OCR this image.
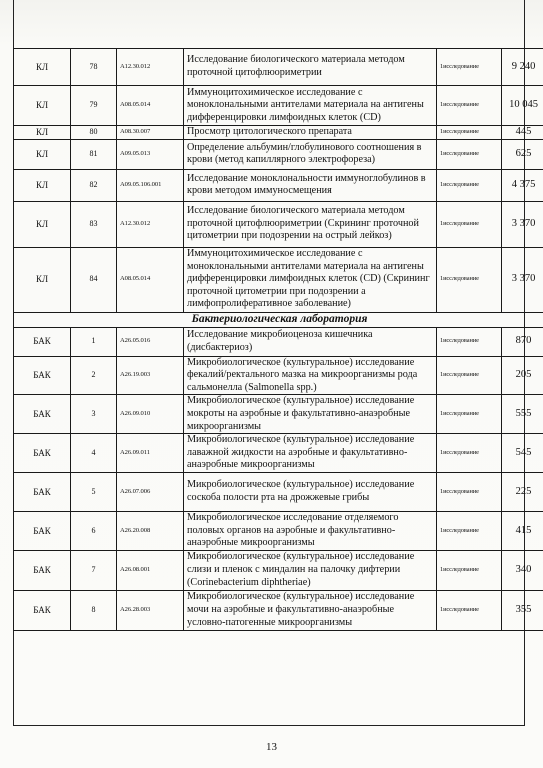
КЛ	78	A12.30.012	Исследование биологического материала методом проточной цитофлюориметрии	1исследование	9 240
КЛ	79	A08.05.014	Иммуноцитохимическое исследование с моноклональными антителами материала на антигены дифференцировки лимфоидных клеток (CD)	1исследование	10 045
КЛ	80	A08.30.007	Просмотр цитологического препарата	1исследование	445
КЛ	81	A09.05.013	Определение альбумин/глобулинового соотношения в крови (метод капиллярного электрофореза)	1исследование	625
КЛ	82	A09.05.106.001	Исследование моноклональности иммуноглобулинов в крови методом иммуносмещения	1исследование	4 375
КЛ	83	A12.30.012	Исследование биологического материала методом проточной цитофлюориметрии (Скрининг проточной цитометрии при подозрении на острый лейкоз)	1исследование	3 370
КЛ	84	A08.05.014	Иммуноцитохимическое исследование с моноклональными антителами материала на антигены дифференцировки лимфоидных клеток (CD) (Скрининг проточной цитометрии при подозрении а лимфопролиферативное заболевание)	1исследование	3 370
Бактериологическая лаборатория					
БАК	1	A26.05.016	Исследование микробиоценоза кишечника (дисбактериоз)	1исследование	870
БАК	2	A26.19.003	Микробиологическое (культуральное) исследование фекалий/ректального мазка на микроорганизмы рода сальмонелла (Salmonella spp.)	1исследование	205
БАК	3	A26.09.010	Микробиологическое (культуральное) исследование мокроты на аэробные и факультативно-анаэробные микроорганизмы	1исследование	555
БАК	4	A26.09.011	Микробиологическое (культуральное) исследование лаважной жидкости на аэробные и факультативно-анаэробные микроорганизмы	1исследование	545
БАК	5	A26.07.006	Микробиологическое (культуральное) исследование соскоба полости рта на дрожжевые грибы	1исследование	225
БАК	6	A26.20.008	Микробиологическое исследование отделяемого половых органов на аэробные и факультативно-анаэробные микроорганизмы	1исследование	415
БАК	7	A26.08.001	Микробиологическое (культуральное) исследование слизи и пленок с миндалин на палочку дифтерии (Corinebacterium diphtheriae)	1исследование	340
БАК	8	A26.28.003	Микробиологическое (культуральное) исследование мочи на аэробные и факультативно-анаэробные условно-патогенные микроорганизмы	1исследование	355
13
